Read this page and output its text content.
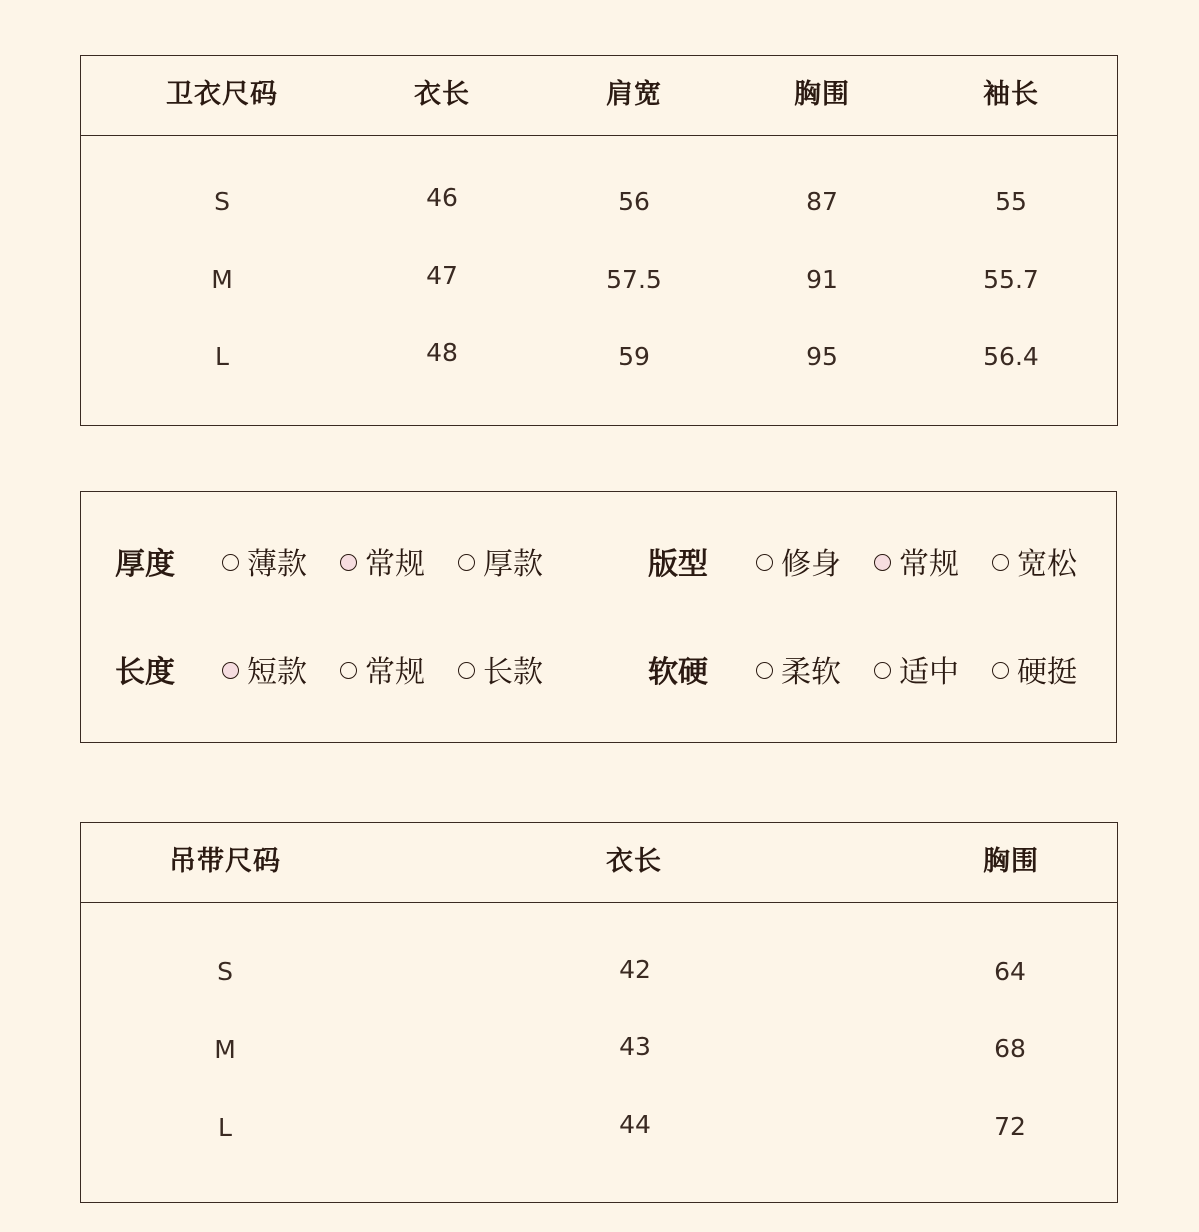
卫衣尺码	衣长	肩宽	胸围	袖长
S	46	56	87	55
M	47	57.5	91	55.7
L	48	59	95	56.4
厚度	薄款	常规	厚款	版型	修身	常规	宽松
长度	短款	常规	长款	软硬	柔软	适中	硬挺
吊带尺码	衣长	胸围
S	42	64
M	43	68
L	44	72
